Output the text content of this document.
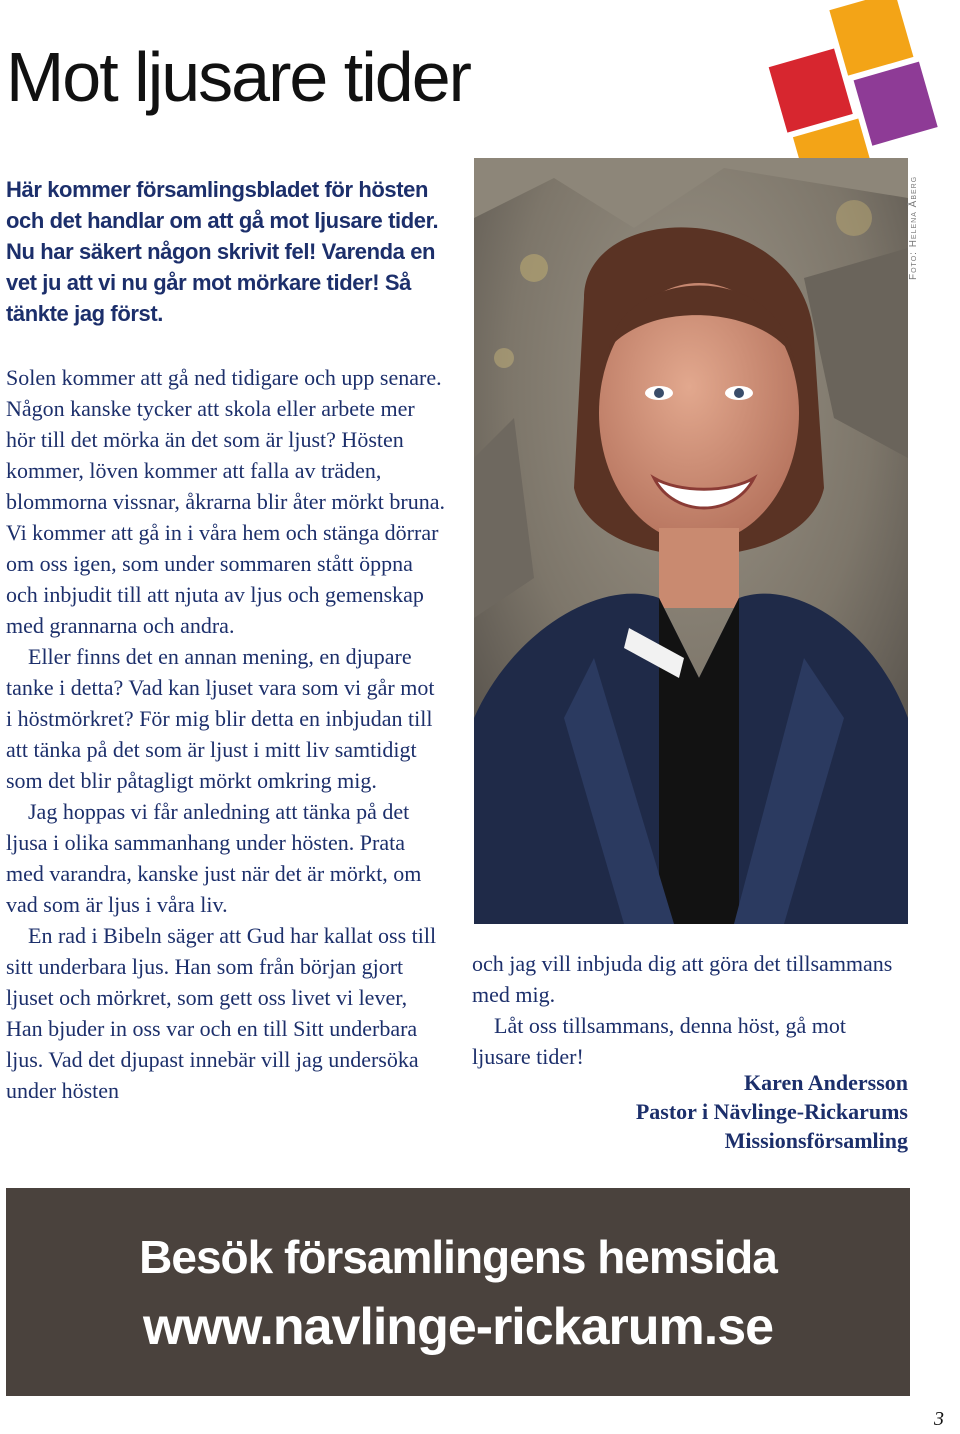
Mot ljusare tider

Här kommer församlingsbladet för hösten och det handlar om att gå mot ljusare tider. Nu har säkert någon skrivit fel! Varenda en vet ju att vi nu går mot mörkare tider! Så tänkte jag först.

Solen kommer att gå ned tidigare och upp senare. Någon kanske tycker att skola eller arbete mer hör till det mörka än det som är ljust? Hösten kommer, löven kommer att falla av träden, blommorna vissnar, åkrarna blir åter mörkt bruna. Vi kommer att gå in i våra hem och stänga dörrar om oss igen, som under sommaren stått öppna och inbjudit till att njuta av ljus och gemenskap med grannarna och andra.

Eller finns det en annan mening, en djupare tanke i detta? Vad kan ljuset vara som vi går mot i höstmörkret? För mig blir detta en inbjudan till att tänka på det som är ljust i mitt liv samtidigt som det blir påtagligt mörkt omkring mig.

Jag hoppas vi får anledning att tänka på det ljusa i olika sammanhang under hösten. Prata med varandra, kanske just när det är mörkt, om vad som är ljus i våra liv.

En rad i Bibeln säger att Gud har kallat oss till sitt underbara ljus. Han som från början gjort ljuset och mörkret, som gett oss livet vi lever, Han bjuder in oss var och en till Sitt underbara ljus. Vad det djupast innebär vill jag undersöka under hösten

Foto: Helena Åberg

och jag vill inbjuda dig att göra det tillsammans med mig.

Låt oss tillsammans, denna höst, gå mot ljusare tider!

Karen Andersson
Pastor i Nävlinge-Rickarums
Missionsförsamling
Besök församlingens hemsida
www.navlinge-rickarum.se
3
